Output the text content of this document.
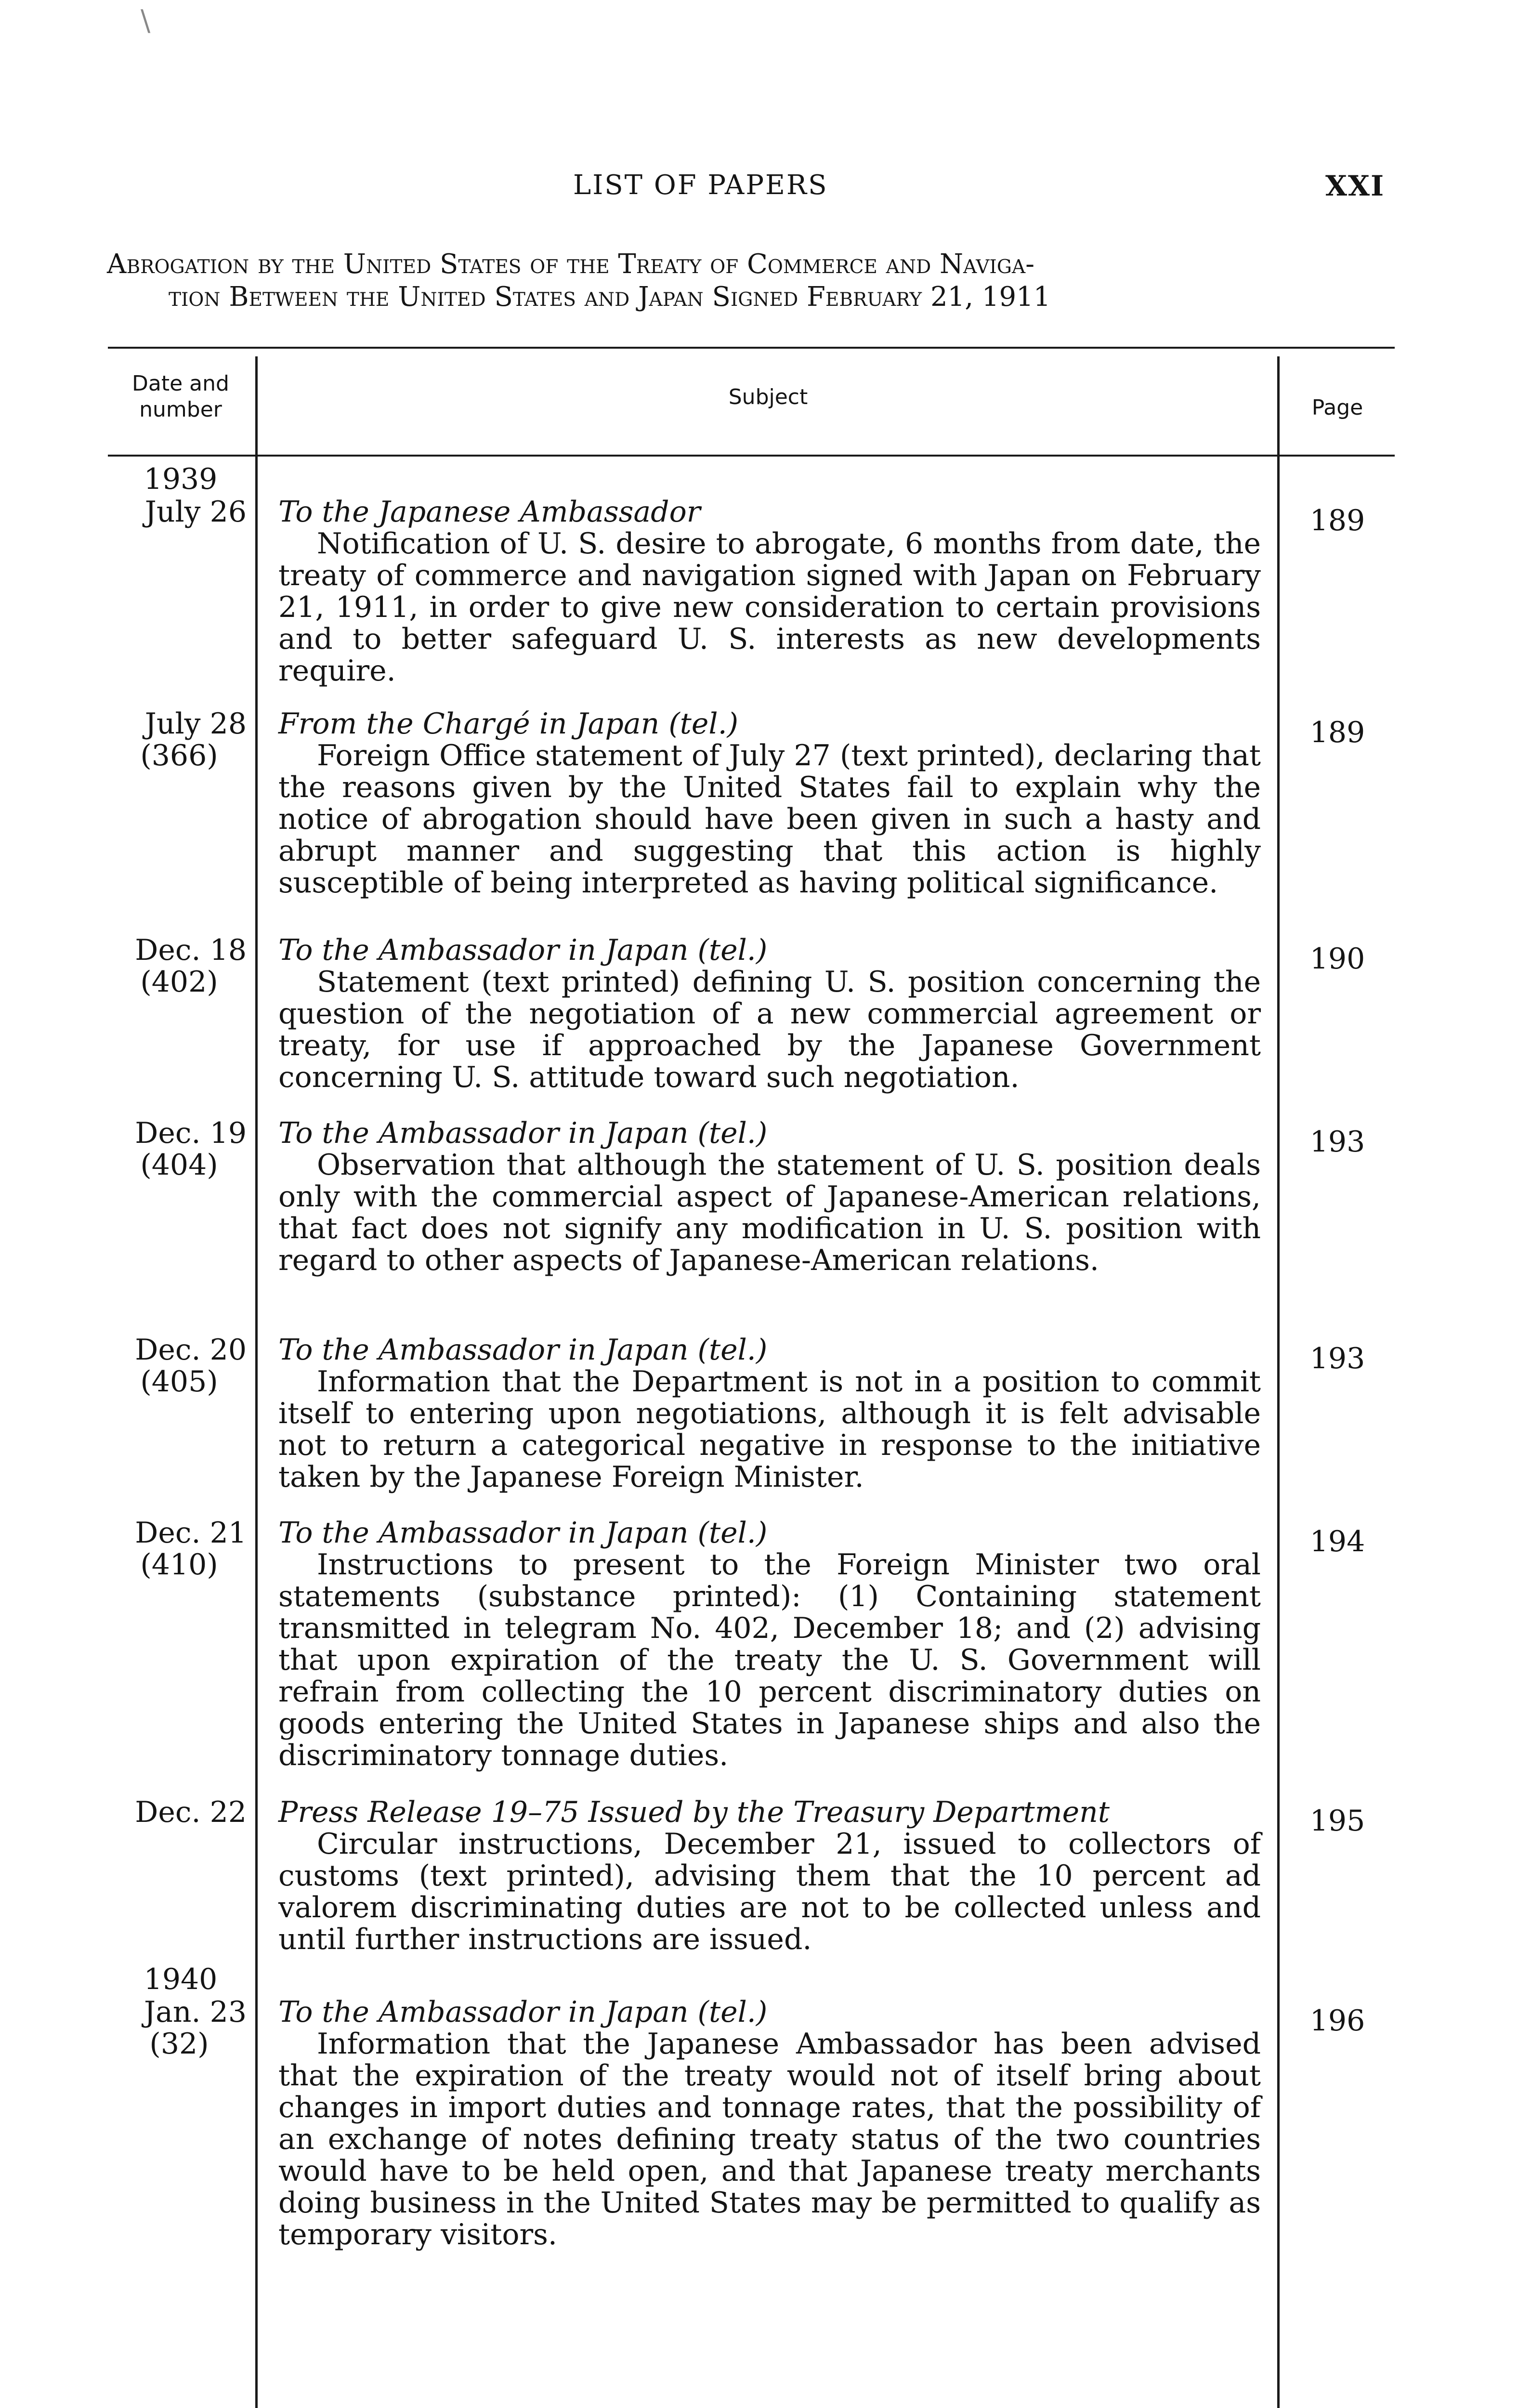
LIST OF PAPERS	XXI
Abrogation by the United States of the Treaty of Commerce and Naviga-
tion Between the United States and Japan Signed February 21, 1911
Date and number
Subject	Page
1939
July 26 To the Japanese Ambassador
Notification of U. S. desire to abrogate, 6 months from date, the treaty of commerce and navigation signed with Japan on February 21, 1911, in order to give new consideration to certain provisions and to better safeguard U. S. interests as new developments require.
189
July 28
(366)
From the Chargé in Japan (tel.)
Foreign Office statement of July 27 (text printed), declaring that the reasons given by the United States fail to explain why the notice of abrogation should have been given in such a hasty and abrupt manner and suggesting that this action is highly susceptible of being interpreted as having political significance.
189
Dec. 18
(402)
To the Ambassador in Japan (tel.)
Statement (text printed) defining U. S. position concerning the question of the negotiation of a new commercial agreement or treaty, for use if approached by the Japanese Government concerning U. S. attitude toward such negotiation.
190
Dec. 19
(404)
To the Ambassador in Japan (tel.)
Observation that although the statement of U. S. position deals only with the commercial aspect of Japanese-American relations, that fact does not signify any modification in U. S. position with regard to other aspects of Japanese-American relations.
193
Dec. 20
(405)
To the Ambassador in Japan (tel.)
Information that the Department is not in a position to commit itself to entering upon negotiations, although it is felt advisable not to return a categorical negative in response to the initiative taken by the Japanese Foreign Minister.
193
Dec. 21
(410)
To the Ambassador in Japan (tel.)
Instructions to present to the Foreign Minister two oral statements (substance printed): (1) Containing statement transmitted in telegram No. 402, December 18; and (2) advising that upon expiration of the treaty the U. S. Government will refrain from collecting the 10 percent discriminatory duties on goods entering the United States in Japanese ships and also the discriminatory tonnage duties.
194
Dec. 22 Press Release 19–75 Issued by the Treasury Department
Circular instructions, December 21, issued to collectors of customs (text printed), advising them that the 10 percent ad valorem discriminating duties are not to be collected unless and until further instructions are issued.
195
1940
Jan. 23
(32)
To the Ambassador in Japan (tel.)
Information that the Japanese Ambassador has been advised that the expiration of the treaty would not of itself bring about changes in import duties and tonnage rates, that the possibility of an exchange of notes defining treaty status of the two countries would have to be held open, and that Japanese treaty merchants doing business in the United States may be permitted to qualify as temporary visitors.
196
\
